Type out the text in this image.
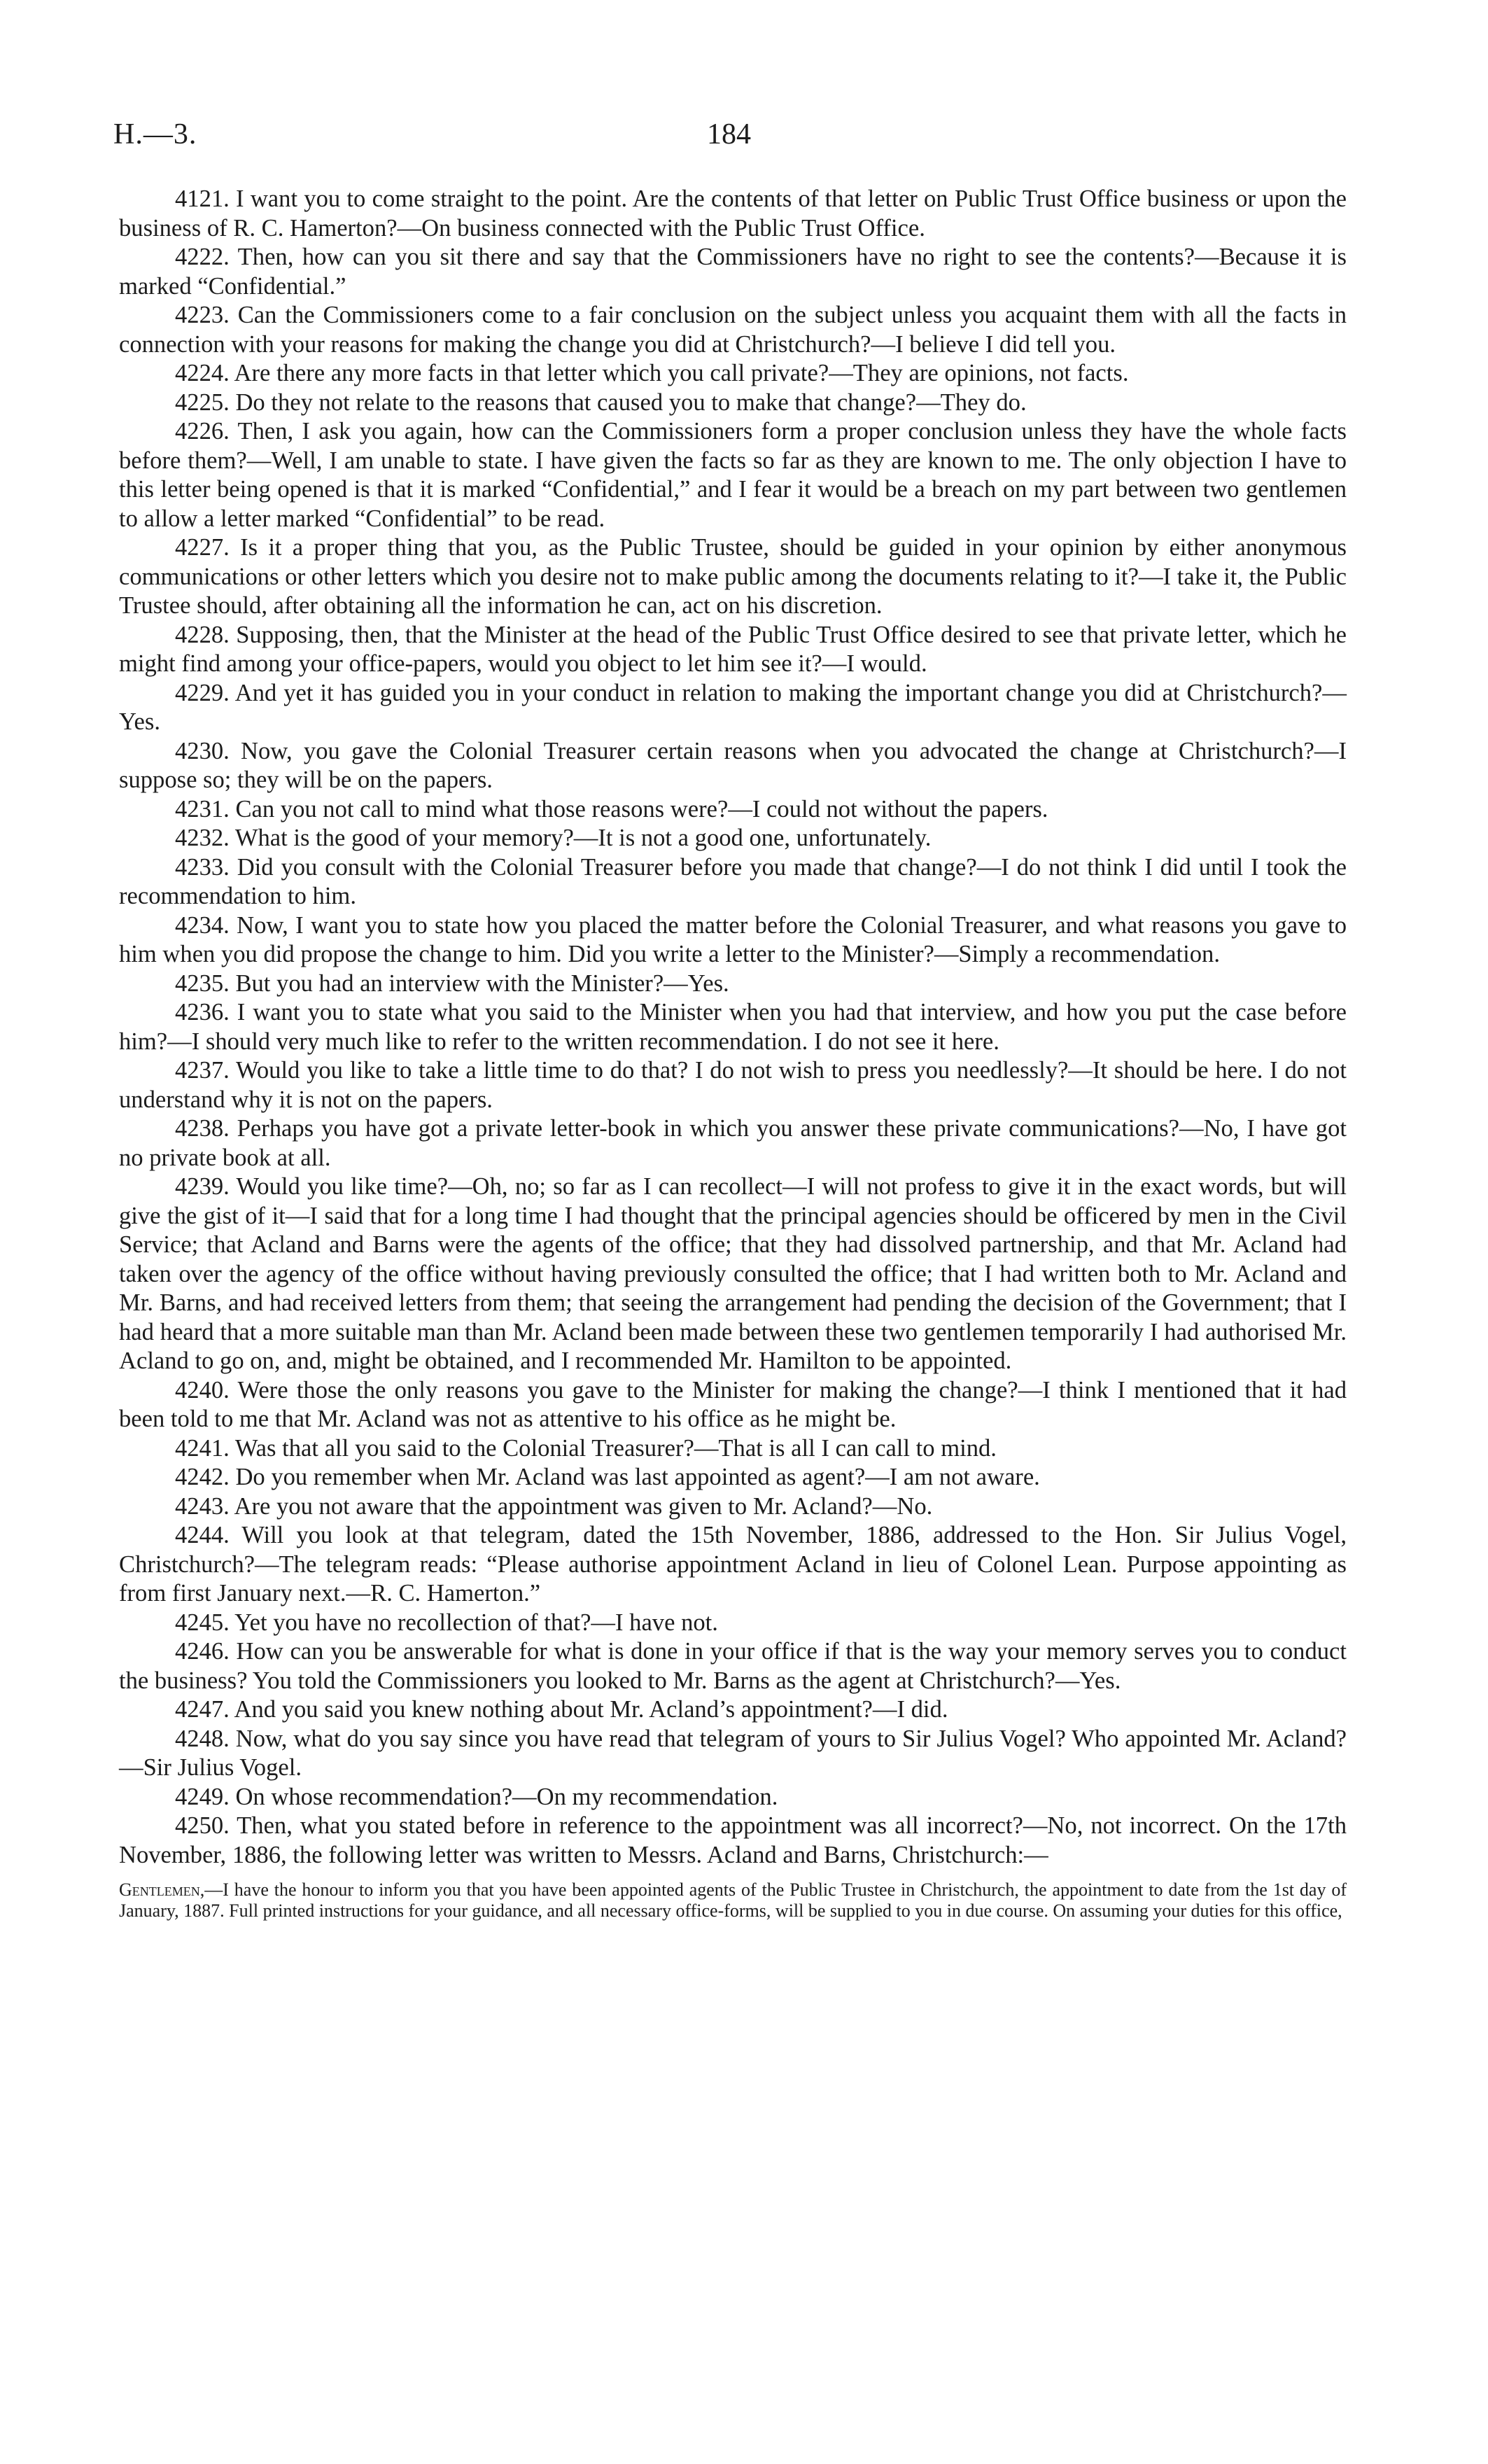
H.—3.	184

4121. I want you to come straight to the point. Are the contents of that letter on Public Trust Office business or upon the business of R. C. Hamerton?—On business connected with the Public Trust Office.

4222. Then, how can you sit there and say that the Commissioners have no right to see the contents?—Because it is marked “Confidential.”

4223. Can the Commissioners come to a fair conclusion on the subject unless you acquaint them with all the facts in connection with your reasons for making the change you did at Christchurch?—I believe I did tell you.

4224. Are there any more facts in that letter which you call private?—They are opinions, not facts.

4225. Do they not relate to the reasons that caused you to make that change?—They do.

4226. Then, I ask you again, how can the Commissioners form a proper conclusion unless they have the whole facts before them?—Well, I am unable to state. I have given the facts so far as they are known to me. The only objection I have to this letter being opened is that it is marked “Confidential,” and I fear it would be a breach on my part between two gentlemen to allow a letter marked “Confidential” to be read.

4227. Is it a proper thing that you, as the Public Trustee, should be guided in your opinion by either anonymous communications or other letters which you desire not to make public among the documents relating to it?—I take it, the Public Trustee should, after obtaining all the information he can, act on his discretion.

4228. Supposing, then, that the Minister at the head of the Public Trust Office desired to see that private letter, which he might find among your office-papers, would you object to let him see it?—I would.

4229. And yet it has guided you in your conduct in relation to making the important change you did at Christchurch?—Yes.

4230. Now, you gave the Colonial Treasurer certain reasons when you advocated the change at Christchurch?—I suppose so; they will be on the papers.

4231. Can you not call to mind what those reasons were?—I could not without the papers.

4232. What is the good of your memory?—It is not a good one, unfortunately.

4233. Did you consult with the Colonial Treasurer before you made that change?—I do not think I did until I took the recommendation to him.

4234. Now, I want you to state how you placed the matter before the Colonial Treasurer, and what reasons you gave to him when you did propose the change to him. Did you write a letter to the Minister?—Simply a recommendation.

4235. But you had an interview with the Minister?—Yes.

4236. I want you to state what you said to the Minister when you had that interview, and how you put the case before him?—I should very much like to refer to the written recommendation. I do not see it here.

4237. Would you like to take a little time to do that? I do not wish to press you needlessly?—It should be here. I do not understand why it is not on the papers.

4238. Perhaps you have got a private letter-book in which you answer these private communications?—No, I have got no private book at all.

4239. Would you like time?—Oh, no; so far as I can recollect—I will not profess to give it in the exact words, but will give the gist of it—I said that for a long time I had thought that the principal agencies should be officered by men in the Civil Service; that Acland and Barns were the agents of the office; that they had dissolved partnership, and that Mr. Acland had taken over the agency of the office without having previously consulted the office; that I had written both to Mr. Acland and Mr. Barns, and had received letters from them; that seeing the arrangement had pending the decision of the Government; that I had heard that a more suitable man than Mr. Acland been made between these two gentlemen temporarily I had authorised Mr. Acland to go on, and, might be obtained, and I recommended Mr. Hamilton to be appointed.

4240. Were those the only reasons you gave to the Minister for making the change?—I think I mentioned that it had been told to me that Mr. Acland was not as attentive to his office as he might be.

4241. Was that all you said to the Colonial Treasurer?—That is all I can call to mind.

4242. Do you remember when Mr. Acland was last appointed as agent?—I am not aware.

4243. Are you not aware that the appointment was given to Mr. Acland?—No.

4244. Will you look at that telegram, dated the 15th November, 1886, addressed to the Hon. Sir Julius Vogel, Christchurch?—The telegram reads: “Please authorise appointment Acland in lieu of Colonel Lean. Purpose appointing as from first January next.—R. C. Hamerton.”

4245. Yet you have no recollection of that?—I have not.

4246. How can you be answerable for what is done in your office if that is the way your memory serves you to conduct the business? You told the Commissioners you looked to Mr. Barns as the agent at Christchurch?—Yes.

4247. And you said you knew nothing about Mr. Acland’s appointment?—I did.

4248. Now, what do you say since you have read that telegram of yours to Sir Julius Vogel? Who appointed Mr. Acland?—Sir Julius Vogel.

4249. On whose recommendation?—On my recommendation.

4250. Then, what you stated before in reference to the appointment was all incorrect?—No, not incorrect. On the 17th November, 1886, the following letter was written to Messrs. Acland and Barns, Christchurch:—

Gentlemen,—I have the honour to inform you that you have been appointed agents of the Public Trustee in Christchurch, the appointment to date from the 1st day of January, 1887. Full printed instructions for your guidance, and all necessary office-forms, will be supplied to you in due course. On assuming your duties for this office,
